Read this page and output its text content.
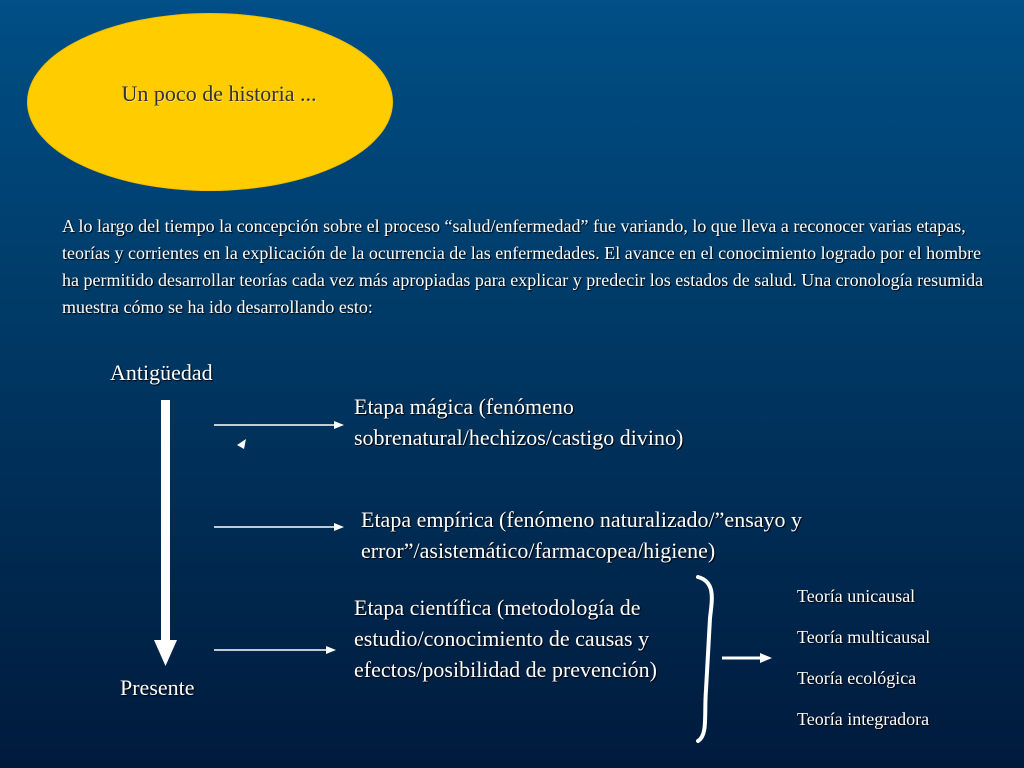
Un poco de historia ...
A lo largo del tiempo la concepción sobre el proceso “salud/enfermedad” fue variando, lo que lleva a reconocer varias etapas, teorías y corrientes en la explicación de la ocurrencia de las enfermedades. El avance en el conocimiento logrado por el hombre ha permitido desarrollar teorías cada vez más apropiadas para explicar y predecir los estados de salud. Una cronología resumida muestra cómo se ha ido desarrollando esto:
Antigüedad
Presente
Etapa mágica (fenómeno
sobrenatural/hechizos/castigo divino)
Etapa empírica (fenómeno naturalizado/”ensayo y
error”/asistemático/farmacopea/higiene)
Etapa científica (metodología de
estudio/conocimiento de causas y
efectos/posibilidad de prevención)
Teoría unicausal
Teoría multicausal
Teoría ecológica
Teoría integradora
